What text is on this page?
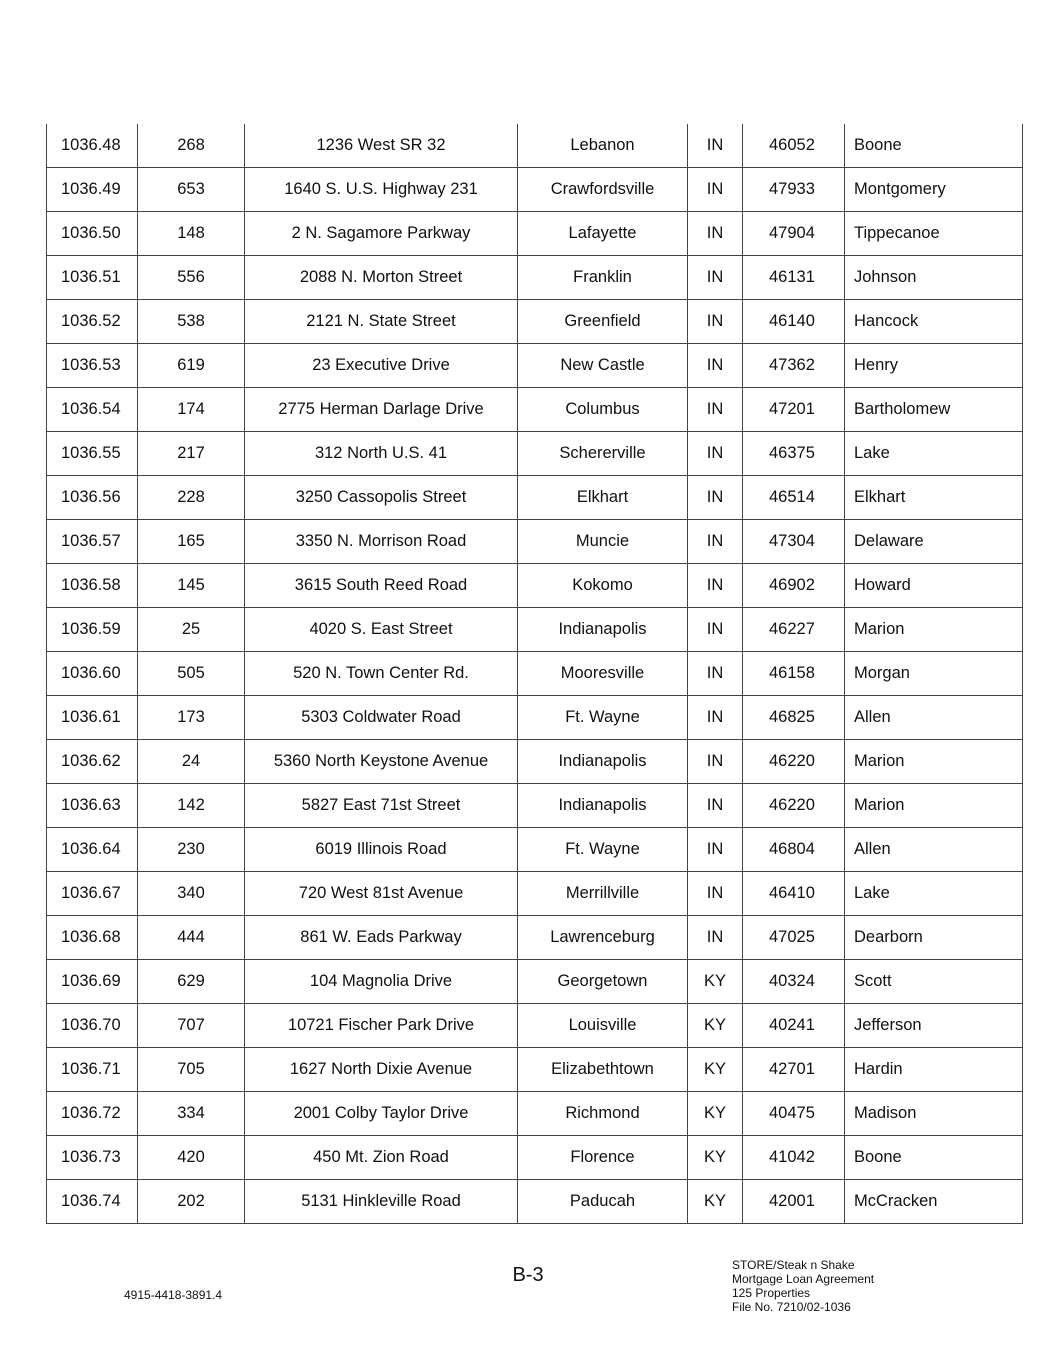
1036.48	268	1236 West SR 32	Lebanon	IN	46052	Boone
1036.49	653	1640 S. U.S. Highway 231	Crawfordsville	IN	47933	Montgomery
1036.50	148	2 N. Sagamore Parkway	Lafayette	IN	47904	Tippecanoe
1036.51	556	2088 N. Morton Street	Franklin	IN	46131	Johnson
1036.52	538	2121 N. State Street	Greenfield	IN	46140	Hancock
1036.53	619	23 Executive Drive	New Castle	IN	47362	Henry
1036.54	174	2775 Herman Darlage Drive	Columbus	IN	47201	Bartholomew
1036.55	217	312 North U.S. 41	Schererville	IN	46375	Lake
1036.56	228	3250 Cassopolis Street	Elkhart	IN	46514	Elkhart
1036.57	165	3350 N. Morrison Road	Muncie	IN	47304	Delaware
1036.58	145	3615 South Reed Road	Kokomo	IN	46902	Howard
1036.59	25	4020 S. East Street	Indianapolis	IN	46227	Marion
1036.60	505	520 N. Town Center Rd.	Mooresville	IN	46158	Morgan
1036.61	173	5303 Coldwater Road	Ft. Wayne	IN	46825	Allen
1036.62	24	5360 North Keystone Avenue	Indianapolis	IN	46220	Marion
1036.63	142	5827 East 71st Street	Indianapolis	IN	46220	Marion
1036.64	230	6019 Illinois Road	Ft. Wayne	IN	46804	Allen
1036.67	340	720 West 81st Avenue	Merrillville	IN	46410	Lake
1036.68	444	861 W. Eads Parkway	Lawrenceburg	IN	47025	Dearborn
1036.69	629	104 Magnolia Drive	Georgetown	KY	40324	Scott
1036.70	707	10721 Fischer Park Drive	Louisville	KY	40241	Jefferson
1036.71	705	1627 North Dixie Avenue	Elizabethtown	KY	42701	Hardin
1036.72	334	2001 Colby Taylor Drive	Richmond	KY	40475	Madison
1036.73	420	450 Mt. Zion Road	Florence	KY	41042	Boone
1036.74	202	5131 Hinkleville Road	Paducah	KY	42001	McCracken
B-3
4915-4418-3891.4
STORE/Steak n Shake
Mortgage Loan Agreement
125 Properties
File No. 7210/02-1036
